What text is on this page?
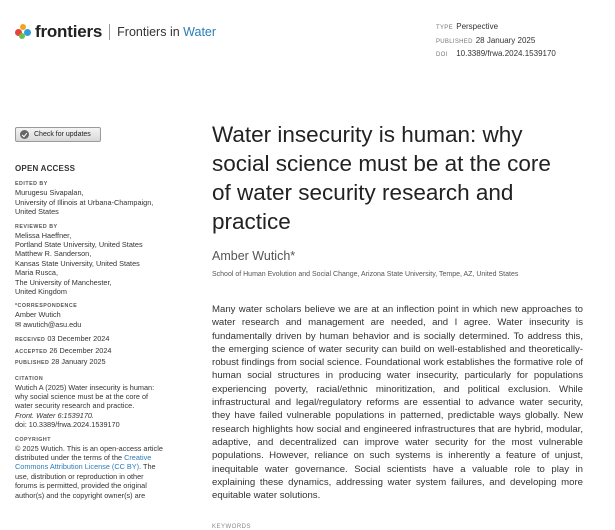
frontiers Frontiers in Water	TYPE Perspective
PUBLISHED 28 January 2025
DOI 10.3389/frwa.2024.1539170
Check for updates
OPEN ACCESS
EDITED BY
Murugesu Sivapalan,
University of Illinois at Urbana-Champaign,
United States
REVIEWED BY
Melissa Haeffner,
Portland State University, United States
Matthew R. Sanderson,
Kansas State University, United States
Maria Rusca,
The University of Manchester,
United Kingdom
*CORRESPONDENCE
Amber Wutich
✉ awutich@asu.edu
RECEIVED 03 December 2024
ACCEPTED 26 December 2024
PUBLISHED 28 January 2025
CITATION
Wutich A (2025) Water insecurity is human:
why social science must be at the core of
water security research and practice.
Front. Water 6:1539170.
doi: 10.3389/frwa.2024.1539170
COPYRIGHT
© 2025 Wutich. This is an open-access article
distributed under the terms of the Creative
Commons Attribution License (CC BY). The
use, distribution or reproduction in other
forums is permitted, provided the original
author(s) and the copyright owner(s) are
Water insecurity is human: why
social science must be at the core
of water security research and
practice
Amber Wutich*
School of Human Evolution and Social Change, Arizona State University, Tempe, AZ, United States
Many water scholars believe we are at an inflection point in which new approaches to water research and management are needed, and I agree. Water insecurity is fundamentally driven by human behavior and is socially determined. To address this, the emerging science of water security can build on well-established and theoretically-robust findings from social science. Foundational work establishes the formative role of human social structures in producing water insecurity, particularly for populations experiencing poverty, racial/ethnic minoritization, and political exclusion. While infrastructural and legal/regulatory reforms are essential to advance water security, they have failed vulnerable populations in patterned, predictable ways globally. New research highlights how social and engineered infrastructures that are hybrid, modular, adaptive, and decentralized can improve water security for the most vulnerable populations. However, reliance on such systems is inherently a feature of unjust, inequitable water governance. Social scientists have a valuable role to play in explaining these dynamics, addressing water system failures, and developing more equitable water solutions.
KEYWORDS
